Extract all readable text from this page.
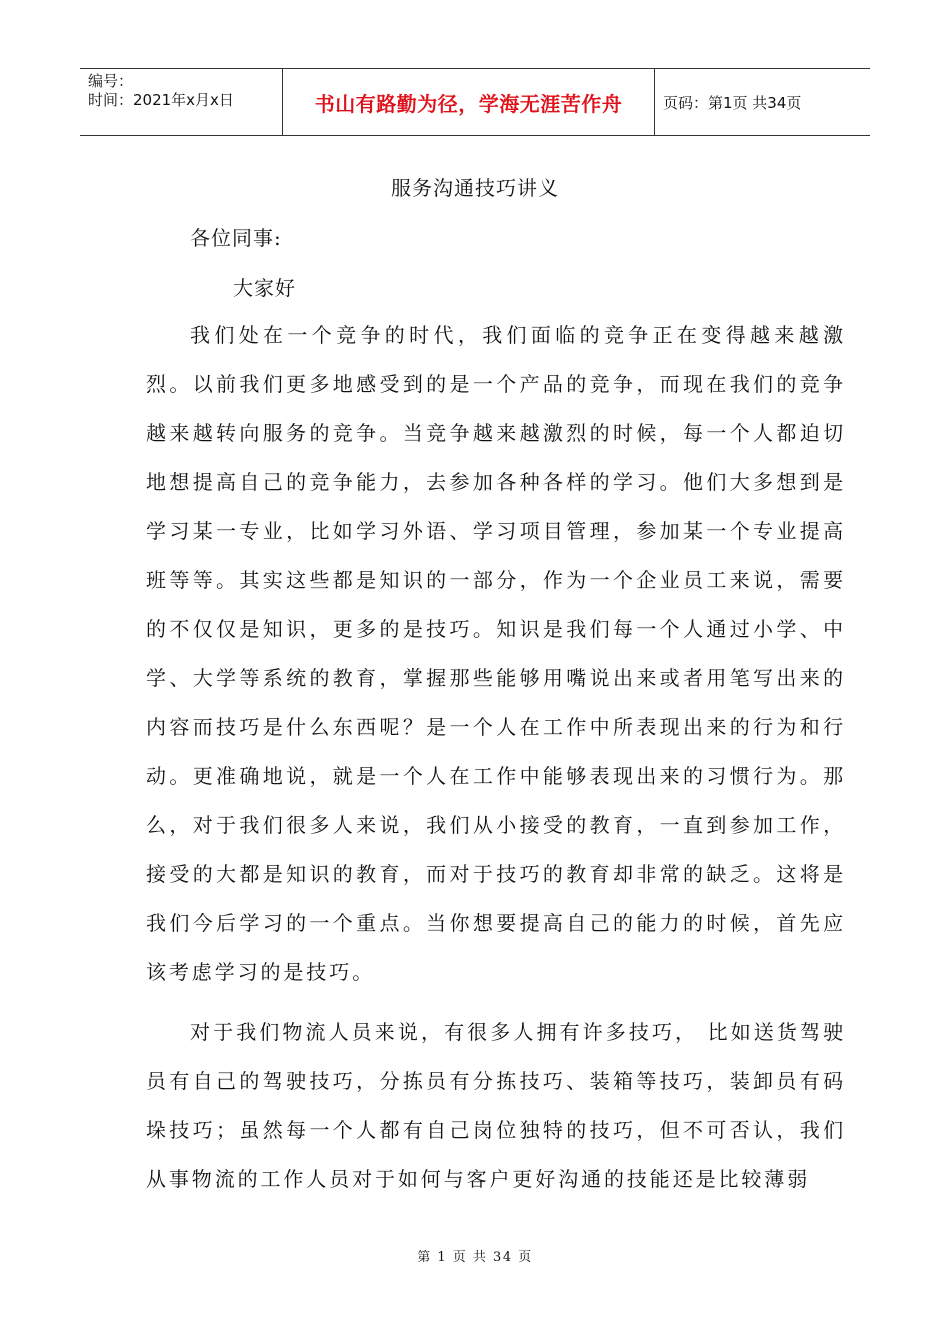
编号：
时间：2021年x月x日	书山有路勤为径，学海无涯苦作舟	页码：第1页 共34页
服务沟通技巧讲义
各位同事:
大家好

我们处在一个竞争的时代，我们面临的竞争正在变得越来越激烈。以前我们更多地感受到的是一个产品的竞争，而现在我们的竞争越来越转向服务的竞争。当竞争越来越激烈的时候，每一个人都迫切地想提高自己的竞争能力，去参加各种各样的学习。他们大多想到是学习某一专业，比如学习外语、学习项目管理，参加某一个专业提高班等等。其实这些都是知识的一部分，作为一个企业员工来说，需要的不仅仅是知识，更多的是技巧。知识是我们每一个人通过小学、中学、大学等系统的教育，掌握那些能够用嘴说出来或者用笔写出来的内容而技巧是什么东西呢？是一个人在工作中所表现出来的行为和行动。更准确地说，就是一个人在工作中能够表现出来的习惯行为。那么，对于我们很多人来说，我们从小接受的教育，一直到参加工作，接受的大都是知识的教育，而对于技巧的教育却非常的缺乏。这将是我们今后学习的一个重点。当你想要提高自己的能力的时候，首先应该考虑学习的是技巧。

对于我们物流人员来说，有很多人拥有许多技巧， 比如送货驾驶员有自己的驾驶技巧，分拣员有分拣技巧、装箱等技巧，装卸员有码垛技巧；虽然每一个人都有自己岗位独特的技巧，但不可否认，我们从事物流的工作人员对于如何与客户更好沟通的技能还是比较薄弱

第 1 页 共 34 页
